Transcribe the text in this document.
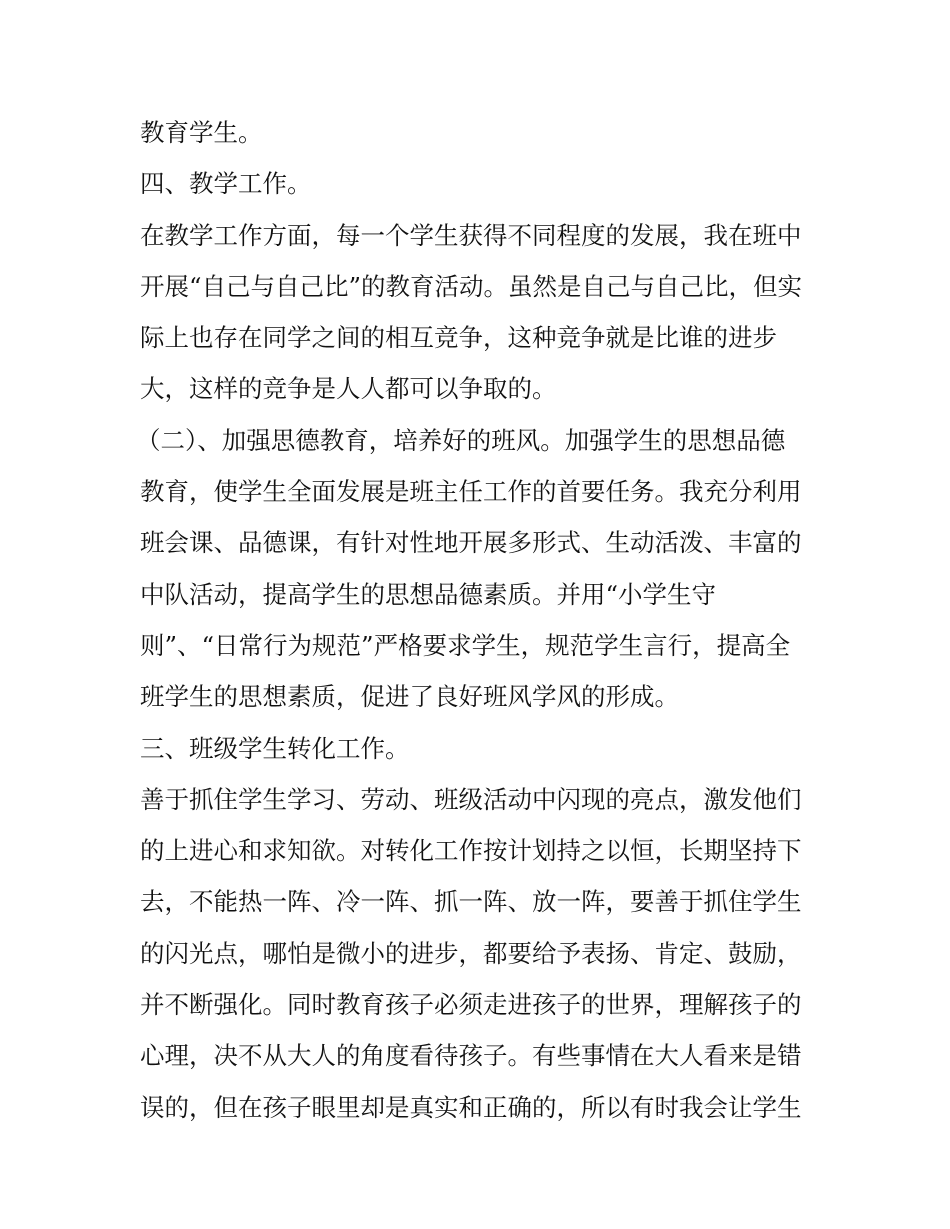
教育学生。
四、教学工作。
在教学工作方面，每一个学生获得不同程度的发展，我在班中
开展“自己与自己比”的教育活动。虽然是自己与自己比，但实
际上也存在同学之间的相互竞争，这种竞争就是比谁的进步
大，这样的竞争是人人都可以争取的。
（二）、加强思德教育，培养好的班风。加强学生的思想品德
教育，使学生全面发展是班主任工作的首要任务。我充分利用
班会课、品德课，有针对性地开展多形式、生动活泼、丰富的
中队活动，提高学生的思想品德素质。并用“小学生守
则”、“日常行为规范”严格要求学生，规范学生言行，提高全
班学生的思想素质，促进了良好班风学风的形成。
三、班级学生转化工作。
善于抓住学生学习、劳动、班级活动中闪现的亮点，激发他们
的上进心和求知欲。对转化工作按计划持之以恒，长期坚持下
去，不能热一阵、冷一阵、抓一阵、放一阵，要善于抓住学生
的闪光点，哪怕是微小的进步，都要给予表扬、肯定、鼓励，
并不断强化。同时教育孩子必须走进孩子的世界，理解孩子的
心理，决不从大人的角度看待孩子。有些事情在大人看来是错
误的，但在孩子眼里却是真实和正确的，所以有时我会让学生
